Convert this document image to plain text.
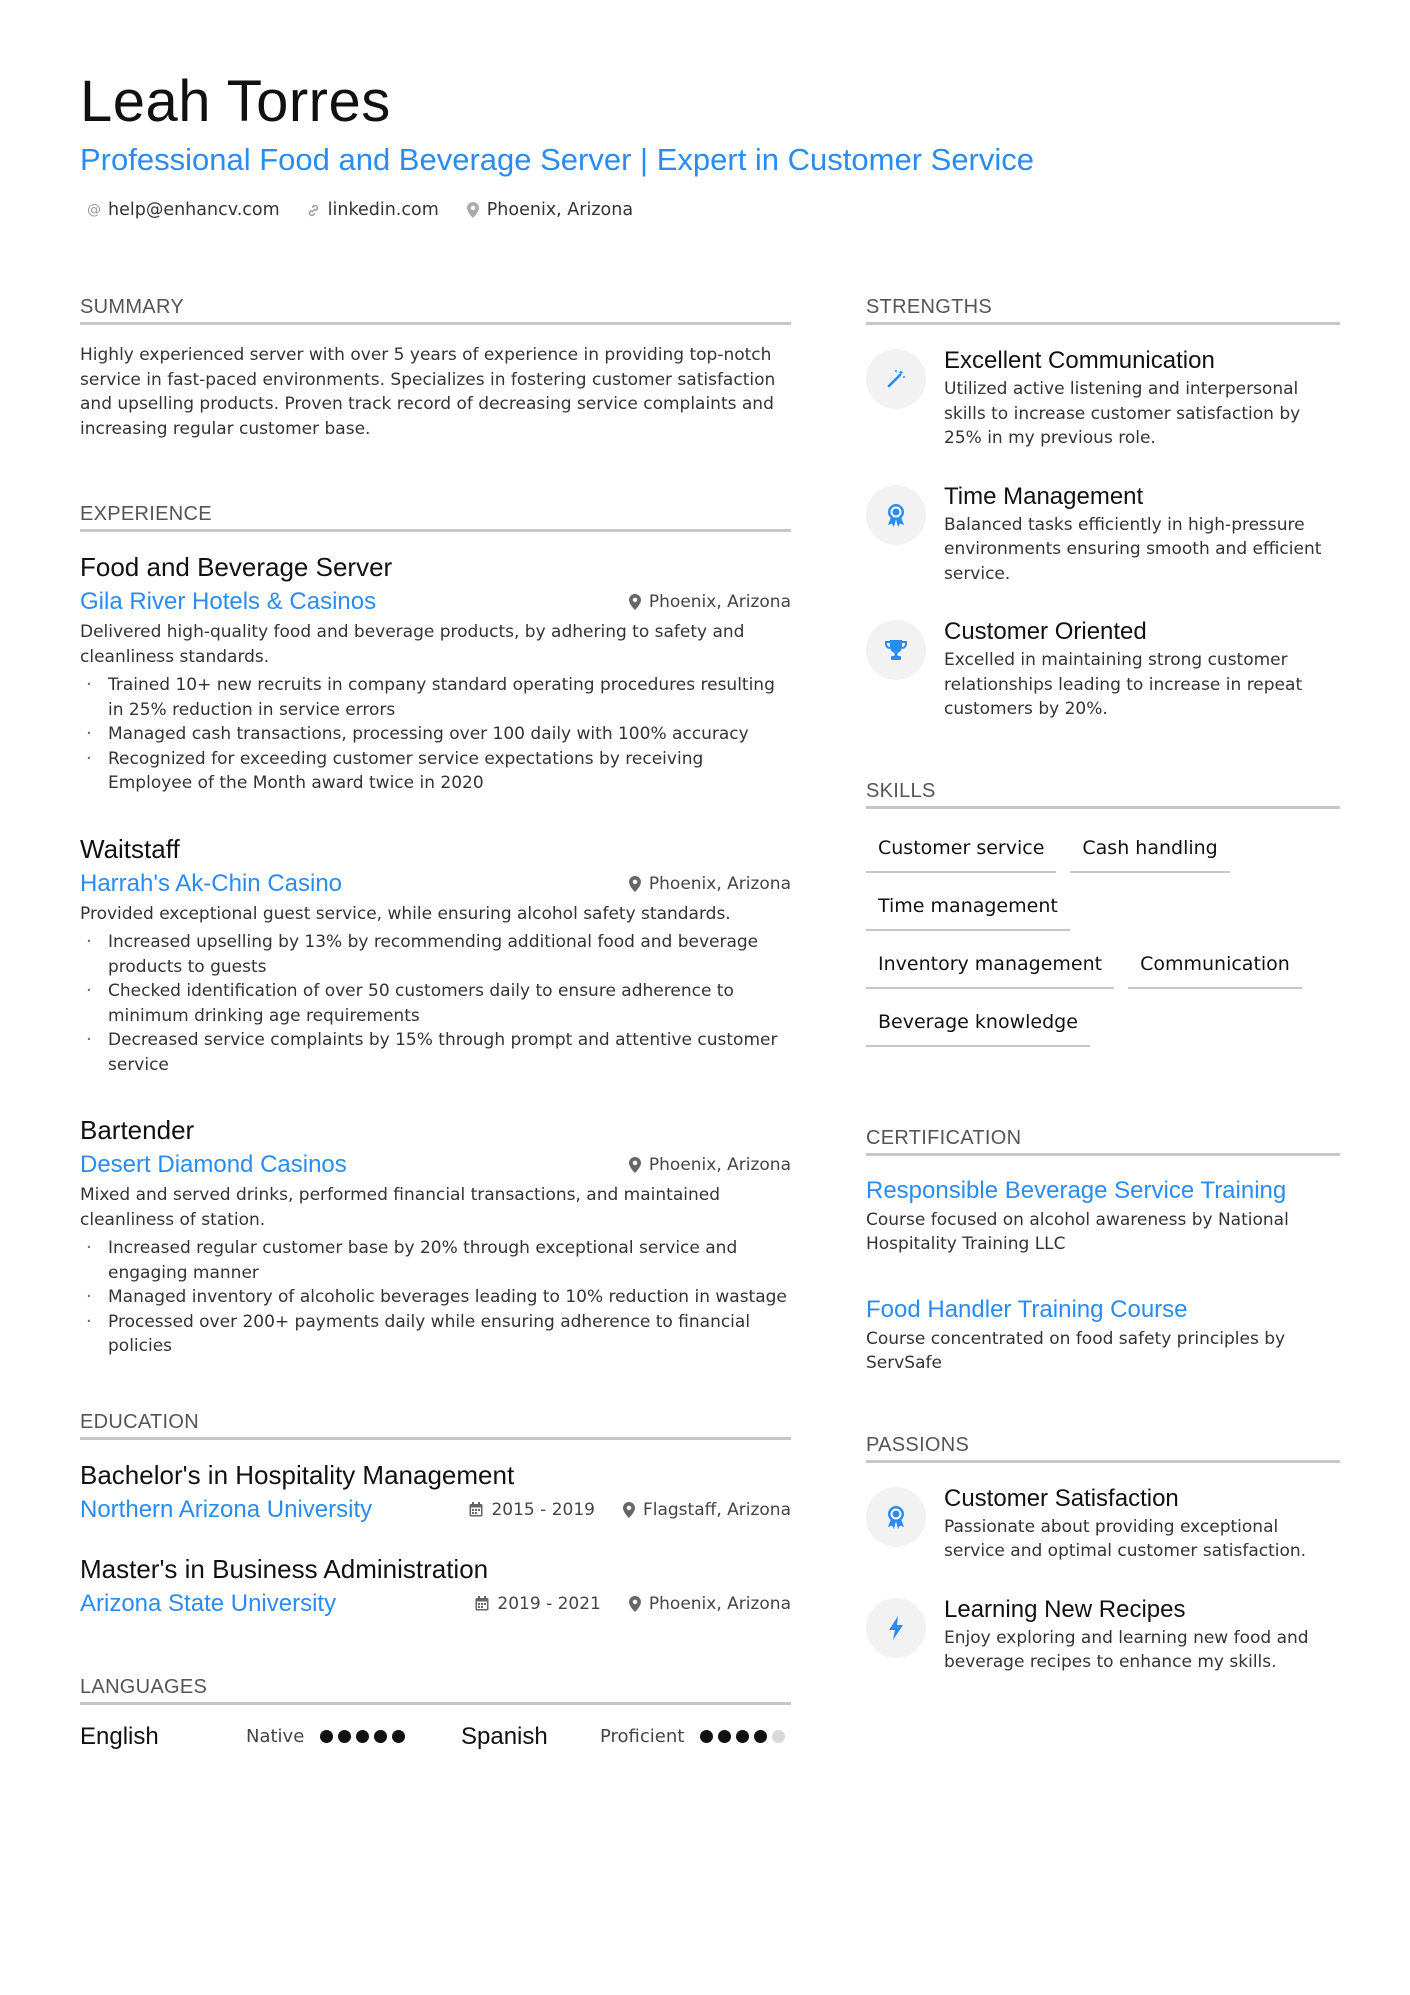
Leah Torres
Professional Food and Beverage Server | Expert in Customer Service
@ help@enhancv.com	linkedin.com	Phoenix, Arizona
SUMMARY

Highly experienced server with over 5 years of experience in providing top-notch service in fast-paced environments. Specializes in fostering customer satisfaction and upselling products. Proven track record of decreasing service complaints and increasing regular customer base.

EXPERIENCE
Food and Beverage Server
Gila River Hotels & Casinos	Phoenix, Arizona

Delivered high-quality food and beverage products, by adhering to safety and cleanliness standards.

· Trained 10+ new recruits in company standard operating procedures resulting in 25% reduction in service errors
· Managed cash transactions, processing over 100 daily with 100% accuracy
· Recognized for exceeding customer service expectations by receiving Employee of the Month award twice in 2020
Waitstaff
Harrah's Ak-Chin Casino	Phoenix, Arizona

Provided exceptional guest service, while ensuring alcohol safety standards.

· Increased upselling by 13% by recommending additional food and beverage products to guests
· Checked identification of over 50 customers daily to ensure adherence to minimum drinking age requirements
· Decreased service complaints by 15% through prompt and attentive customer service
Bartender
Desert Diamond Casinos	Phoenix, Arizona

Mixed and served drinks, performed financial transactions, and maintained cleanliness of station.

· Increased regular customer base by 20% through exceptional service and engaging manner
· Managed inventory of alcoholic beverages leading to 10% reduction in wastage
· Processed over 200+ payments daily while ensuring adherence to financial policies
EDUCATION
Bachelor's in Hospitality Management
Northern Arizona University	2015 - 2019	Flagstaff, Arizona
Master's in Business Administration
Arizona State University	2019 - 2021	Phoenix, Arizona
LANGUAGES
English	Native	Spanish	Proficient
STRENGTHS
Excellent Communication
Utilized active listening and interpersonal skills to increase customer satisfaction by 25% in my previous role.
Time Management
Balanced tasks efficiently in high-pressure environments ensuring smooth and efficient service.
Customer Oriented
Excelled in maintaining strong customer relationships leading to increase in repeat customers by 20%.
SKILLS
Customer service	Cash handling
Time management
Inventory management	Communication
Beverage knowledge
CERTIFICATION
Responsible Beverage Service Training
Course focused on alcohol awareness by National Hospitality Training LLC
Food Handler Training Course
Course concentrated on food safety principles by ServSafe
PASSIONS
Customer Satisfaction
Passionate about providing exceptional service and optimal customer satisfaction.
Learning New Recipes
Enjoy exploring and learning new food and beverage recipes to enhance my skills.
